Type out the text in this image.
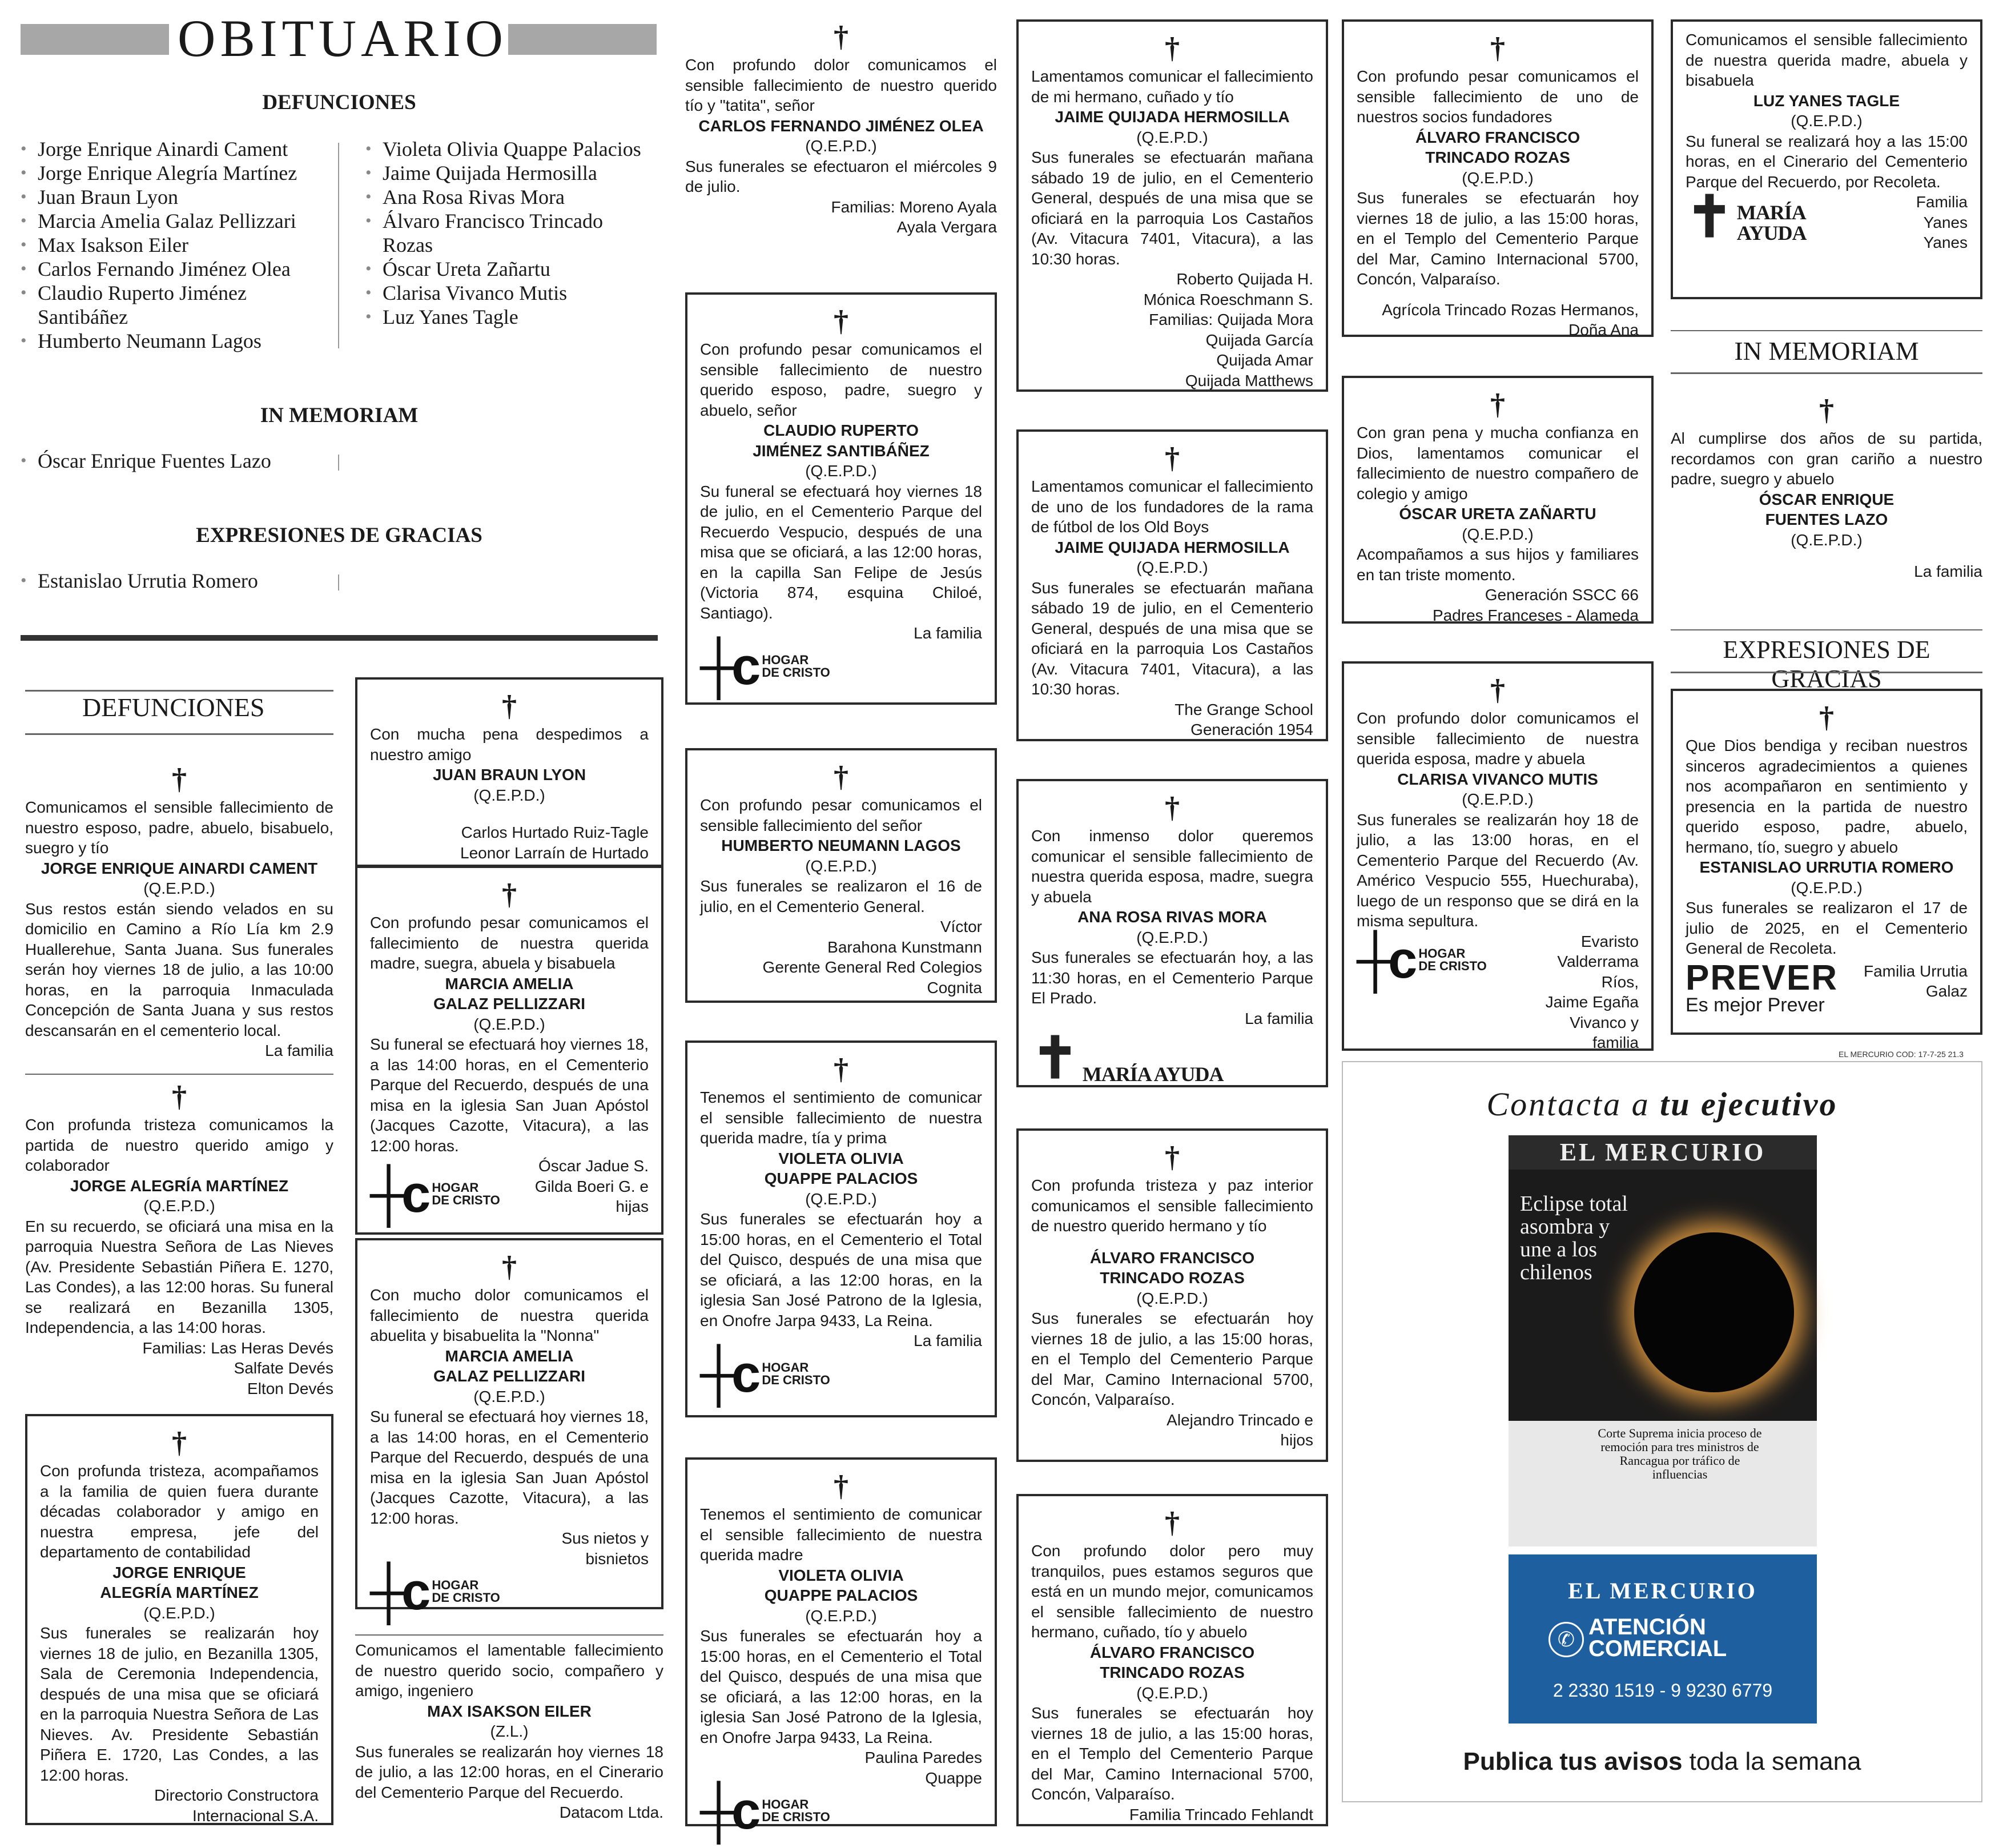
OBITUARIO
DEFUNCIONES
• Jorge Enrique Ainardi Cament
• Jorge Enrique Alegría Martínez
• Juan Braun Lyon
• Marcia Amelia Galaz Pellizzari
• Max Isakson Eiler
• Carlos Fernando Jiménez Olea
• Claudio Ruperto Jiménez Santibáñez
• Humberto Neumann Lagos
• Violeta Olivia Quappe Palacios
• Jaime Quijada Hermosilla
• Ana Rosa Rivas Mora
• Álvaro Francisco Trincado Rozas
• Óscar Ureta Zañartu
• Clarisa Vivanco Mutis
• Luz Yanes Tagle
IN MEMORIAM
• Óscar Enrique Fuentes Lazo
EXPRESIONES DE GRACIAS
• Estanislao Urrutia Romero
DEFUNCIONES
†
Comunicamos el sensible fallecimiento de nuestro esposo, padre, abuelo, bisabuelo, suegro y tío
JORGE ENRIQUE AINARDI CAMENT
(Q.E.P.D.)
Sus restos están siendo velados en su domicilio en Camino a Río Lía km 2.9 Huallerehue, Santa Juana. Sus funerales serán hoy viernes 18 de julio, a las 10:00 horas, en la parroquia Inmaculada Concepción de Santa Juana y sus restos descansarán en el cementerio local.
La familia
†
Con profunda tristeza comunicamos la partida de nuestro querido amigo y colaborador
JORGE ALEGRÍA MARTÍNEZ
(Q.E.P.D.)
En su recuerdo, se oficiará una misa en la parroquia Nuestra Señora de Las Nieves (Av. Presidente Sebastián Piñera E. 1270, Las Condes), a las 12:00 horas. Su funeral se realizará en Bezanilla 1305, Independencia, a las 14:00 horas.
Familias: Las Heras Devés
Salfate Devés
Elton Devés
†
Con profunda tristeza, acompañamos a la familia de quien fuera durante décadas colaborador y amigo en nuestra empresa, jefe del departamento de contabilidad
JORGE ENRIQUE
ALEGRÍA MARTÍNEZ
(Q.E.P.D.)
Sus funerales se realizarán hoy viernes 18 de julio, en Bezanilla 1305, Sala de Ceremonia Independencia, después de una misa que se oficiará en la parroquia Nuestra Señora de Las Nieves. Av. Presidente Sebastián Piñera E. 1720, Las Condes, a las 12:00 horas.
Directorio Constructora
Internacional S.A.
†
Con mucha pena despedimos a nuestro amigo
JUAN BRAUN LYON
(Q.E.P.D.)
Carlos Hurtado Ruiz-Tagle
Leonor Larraín de Hurtado
†
Con profundo pesar comunicamos el fallecimiento de nuestra querida madre, suegra, abuela y bisabuela
MARCIA AMELIA
GALAZ PELLIZZARI
(Q.E.P.D.)
Su funeral se efectuará hoy viernes 18, a las 14:00 horas, en el Cementerio Parque del Recuerdo, después de una misa en la iglesia San Juan Apóstol (Jacques Cazotte, Vitacura), a las 12:00 horas.
┼c HOGAR
DE CRISTO
Óscar Jadue S.
Gilda Boeri G. e
hijas
†
Con mucho dolor comunicamos el fallecimiento de nuestra querida abuelita y bisabuelita la "Nonna"
MARCIA AMELIA
GALAZ PELLIZZARI
(Q.E.P.D.)
Su funeral se efectuará hoy viernes 18, a las 14:00 horas, en el Cementerio Parque del Recuerdo, después de una misa en la iglesia San Juan Apóstol (Jacques Cazotte, Vitacura), a las 12:00 horas.
Sus nietos y
bisnietos
┼c HOGAR
DE CRISTO
Comunicamos el lamentable fallecimiento de nuestro querido socio, compañero y amigo, ingeniero
MAX ISAKSON EILER
(Z.L.)
Sus funerales se realizarán hoy viernes 18 de julio, a las 12:00 horas, en el Cinerario del Cementerio Parque del Recuerdo.
Datacom Ltda.
†
Con profundo dolor comunicamos el sensible fallecimiento de nuestro querido tío y "tatita", señor
CARLOS FERNANDO JIMÉNEZ OLEA
(Q.E.P.D.)
Sus funerales se efectuaron el miércoles 9 de julio.
Familias: Moreno Ayala
Ayala Vergara
†
Con profundo pesar comunicamos el sensible fallecimiento de nuestro querido esposo, padre, suegro y abuelo, señor
CLAUDIO RUPERTO
JIMÉNEZ SANTIBÁÑEZ
(Q.E.P.D.)
Su funeral se efectuará hoy viernes 18 de julio, en el Cementerio Parque del Recuerdo Vespucio, después de una misa que se oficiará, a las 12:00 horas, en la capilla San Felipe de Jesús (Victoria 874, esquina Chiloé, Santiago).
La familia
┼c HOGAR
DE CRISTO
†
Con profundo pesar comunicamos el sensible fallecimiento del señor
HUMBERTO NEUMANN LAGOS
(Q.E.P.D.)
Sus funerales se realizaron el 16 de julio, en el Cementerio General.
Víctor
Barahona Kunstmann
Gerente General Red Colegios
Cognita
†
Tenemos el sentimiento de comunicar el sensible fallecimiento de nuestra querida madre, tía y prima
VIOLETA OLIVIA
QUAPPE PALACIOS
(Q.E.P.D.)
Sus funerales se efectuarán hoy a 15:00 horas, en el Cementerio el Total del Quisco, después de una misa que se oficiará, a las 12:00 horas, en la iglesia San José Patrono de la Iglesia, en Onofre Jarpa 9433, La Reina.
La familia
┼c HOGAR
DE CRISTO
†
Tenemos el sentimiento de comunicar el sensible fallecimiento de nuestra querida madre
VIOLETA OLIVIA
QUAPPE PALACIOS
(Q.E.P.D.)
Sus funerales se efectuarán hoy a 15:00 horas, en el Cementerio el Total del Quisco, después de una misa que se oficiará, a las 12:00 horas, en la iglesia San José Patrono de la Iglesia, en Onofre Jarpa 9433, La Reina.
Paulina Paredes
Quappe
┼c HOGAR
DE CRISTO
†
Lamentamos comunicar el fallecimiento de mi hermano, cuñado y tío
JAIME QUIJADA HERMOSILLA
(Q.E.P.D.)
Sus funerales se efectuarán mañana sábado 19 de julio, en el Cementerio General, después de una misa que se oficiará en la parroquia Los Castaños (Av. Vitacura 7401, Vitacura), a las 10:30 horas.
Roberto Quijada H.
Mónica Roeschmann S.
Familias: Quijada Mora
Quijada García
Quijada Amar
Quijada Matthews
†
Lamentamos comunicar el fallecimiento de uno de los fundadores de la rama de fútbol de los Old Boys
JAIME QUIJADA HERMOSILLA
(Q.E.P.D.)
Sus funerales se efectuarán mañana sábado 19 de julio, en el Cementerio General, después de una misa que se oficiará en la parroquia Los Castaños (Av. Vitacura 7401, Vitacura), a las 10:30 horas.
The Grange School
Generación 1954
†
Con inmenso dolor queremos comunicar el sensible fallecimiento de nuestra querida esposa, madre, suegra y abuela
ANA ROSA RIVAS MORA
(Q.E.P.D.)
Sus funerales se efectuarán hoy, a las 11:30 horas, en el Cementerio Parque El Prado.
La familia
✝ MARÍA AYUDA
†
Con profunda tristeza y paz interior comunicamos el sensible fallecimiento de nuestro querido hermano y tío
ÁLVARO FRANCISCO
TRINCADO ROZAS
(Q.E.P.D.)
Sus funerales se efectuarán hoy viernes 18 de julio, a las 15:00 horas, en el Templo del Cementerio Parque del Mar, Camino Internacional 5700, Concón, Valparaíso.
Alejandro Trincado e
hijos
†
Con profundo dolor pero muy tranquilos, pues estamos seguros que está en un mundo mejor, comunicamos el sensible fallecimiento de nuestro hermano, cuñado, tío y abuelo
ÁLVARO FRANCISCO
TRINCADO ROZAS
(Q.E.P.D.)
Sus funerales se efectuarán hoy viernes 18 de julio, a las 15:00 horas, en el Templo del Cementerio Parque del Mar, Camino Internacional 5700, Concón, Valparaíso.
Familia Trincado Fehlandt
†
Con profundo pesar comunicamos el sensible fallecimiento de uno de nuestros socios fundadores
ÁLVARO FRANCISCO
TRINCADO ROZAS
(Q.E.P.D.)
Sus funerales se efectuarán hoy viernes 18 de julio, a las 15:00 horas, en el Templo del Cementerio Parque del Mar, Camino Internacional 5700, Concón, Valparaíso.
Agrícola Trincado Rozas Hermanos,
Doña Ana
†
Con gran pena y mucha confianza en Dios, lamentamos comunicar el fallecimiento de nuestro compañero de colegio y amigo
ÓSCAR URETA ZAÑARTU
(Q.E.P.D.)
Acompañamos a sus hijos y familiares en tan triste momento.
Generación SSCC 66
Padres Franceses - Alameda
†
Con profundo dolor comunicamos el sensible fallecimiento de nuestra querida esposa, madre y abuela
CLARISA VIVANCO MUTIS
(Q.E.P.D.)
Sus funerales se realizarán hoy 18 de julio, a las 13:00 horas, en el Cementerio Parque del Recuerdo (Av. Américo Vespucio 555, Huechuraba), luego de un responso que se dirá en la misma sepultura.
┼c HOGAR
DE CRISTO
Evaristo
Valderrama
Ríos,
Jaime Egaña
Vivanco y
familia
Comunicamos el sensible fallecimiento de nuestra querida madre, abuela y bisabuela
LUZ YANES TAGLE
(Q.E.P.D.)
Su funeral se realizará hoy a las 15:00 horas, en el Cinerario del Cementerio Parque del Recuerdo, por Recoleta.
✝ MARÍA AYUDA
Familia Yanes
Yanes
IN MEMORIAM
†
Al cumplirse dos años de su partida, recordamos con gran cariño a nuestro padre, suegro y abuelo
ÓSCAR ENRIQUE
FUENTES LAZO
(Q.E.P.D.)
La familia
EXPRESIONES DE GRACIAS
†
Que Dios bendiga y reciban nuestros sinceros agradecimientos a quienes nos acompañaron en sentimiento y presencia en la partida de nuestro querido esposo, padre, abuelo, hermano, tío, suegro y abuelo
ESTANISLAO URRUTIA ROMERO
(Q.E.P.D.)
Sus funerales se realizaron el 17 de julio de 2025, en el Cementerio General de Recoleta.
PREVER
Es mejor Prever
Familia Urrutia
Galaz
EL MERCURIO COD: 17-7-25 21.3
Contacta a tu ejecutivo
EL MERCURIO
Eclipse total asombra y une a los chilenos
Corte Suprema inicia proceso de remoción para tres ministros de Rancagua por tráfico de influencias
EL MERCURIO
✆ ATENCIÓN
COMERCIAL
2 2330 1519 - 9 9230 6779
Publica tus avisos toda la semana
